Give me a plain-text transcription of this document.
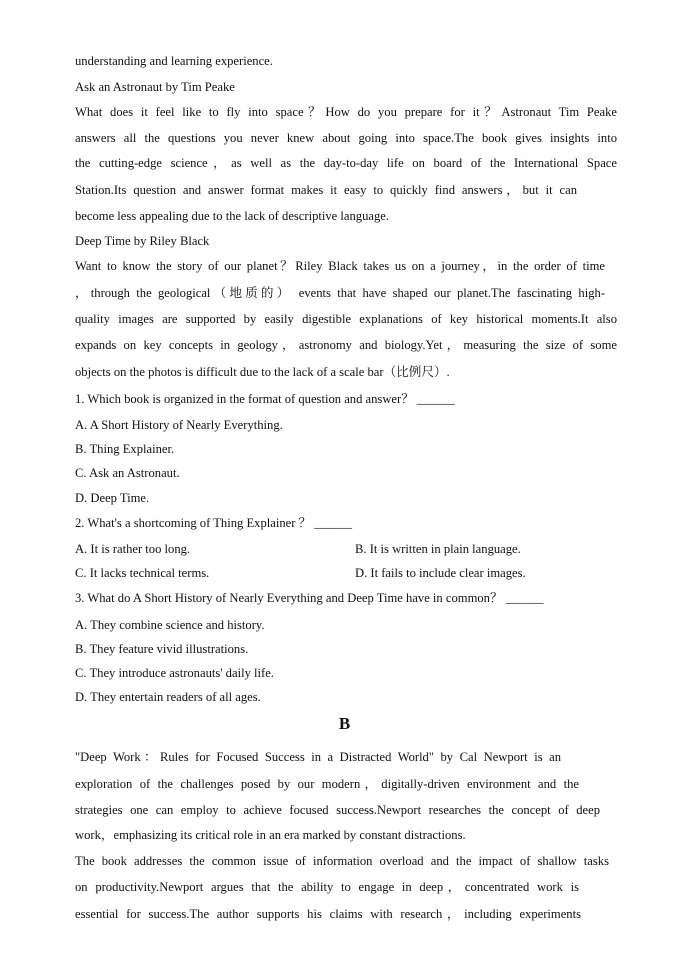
understanding and learning experience.
Ask an Astronaut by Tim Peake
What does it feel like to fly into space？How do you prepare for it？Astronaut Tim Peake
answers all the questions you never knew about going into space.The book gives insights into
the cutting-edge science，as well as the day-to-day life on board of the International Space
Station.Its question and answer format makes it easy to quickly find answers，but it can
become less appealing due to the lack of descriptive language.
Deep Time by Riley Black
Want to know the story of our planet？Riley Black takes us on a journey，in the order of time
，through the geological（地质的） events that have shaped our planet.The fascinating high-
quality images are supported by easily digestible explanations of key historical moments.It also
expands on key concepts in geology，astronomy and biology.Yet，measuring the size of some
objects on the photos is difficult due to the lack of a scale bar（比例尺）.
1. Which book is organized in the format of question and answer？ ______
A. A Short History of Nearly Everything.
B. Thing Explainer.
C. Ask an Astronaut.
D. Deep Time.
2. What's a shortcoming of Thing Explainer ？ ______
A. It is rather too long.	B. It is written in plain language.
C. It lacks technical terms.	D. It fails to include clear images.
3. What do A Short History of Nearly Everything and Deep Time have in common？ ______
A. They combine science and history.
B. They feature vivid illustrations.
C. They introduce astronauts' daily life.
D. They entertain readers of all ages.
B
"Deep Work：Rules for Focused Success in a Distracted World" by Cal Newport is an
exploration of the challenges posed by our modern，digitally-driven environment and the
strategies one can employ to achieve focused success.Newport researches the concept of deep
work，emphasizing its critical role in an era marked by constant distractions.
The book addresses the common issue of information overload and the impact of shallow tasks
on productivity.Newport argues that the ability to engage in deep，concentrated work is
essential for success.The author supports his claims with research，including experiments
